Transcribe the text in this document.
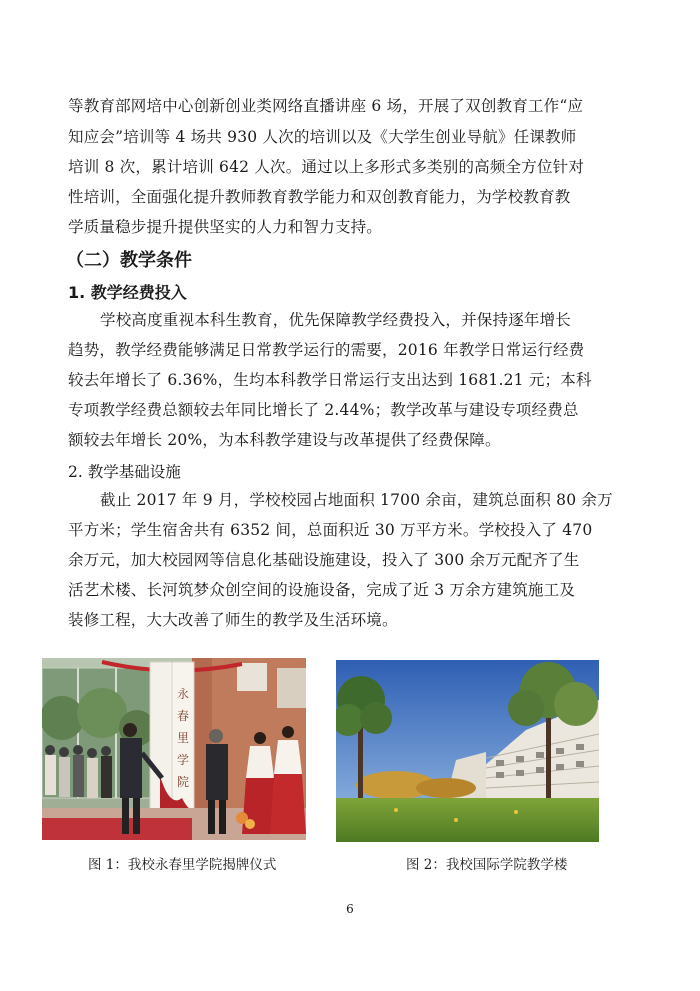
等教育部网培中心创新创业类网络直播讲座 6 场，开展了双创教育工作“应
知应会”培训等 4 场共 930 人次的培训以及《大学生创业导航》任课教师
培训 8 次，累计培训 642 人次。通过以上多形式多类别的高频全方位针对
性培训，全面强化提升教师教育教学能力和双创教育能力，为学校教育教
学质量稳步提升提供坚实的人力和智力支持。
（二）教学条件
1. 教学经费投入
学校高度重视本科生教育，优先保障教学经费投入，并保持逐年增长
趋势，教学经费能够满足日常教学运行的需要，2016 年教学日常运行经费
较去年增长了 6.36%，生均本科教学日常运行支出达到 1681.21 元；本科
专项教学经费总额较去年同比增长了 2.44%；教学改革与建设专项经费总
额较去年增长 20%，为本科教学建设与改革提供了经费保障。
2. 教学基础设施
截止 2017 年 9 月，学校校园占地面积 1700 余亩，建筑总面积 80 余万
平方米；学生宿舍共有 6352 间，总面积近 30 万平方米。学校投入了 470
余万元，加大校园网等信息化基础设施建设，投入了 300 余万元配齐了生
活艺术楼、长河筑梦众创空间的设施设备，完成了近 3 万余方建筑施工及
装修工程，大大改善了师生的教学及生活环境。
永
春
里
学
院
图 1：我校永春里学院揭牌仪式	图 2：我校国际学院教学楼
6
